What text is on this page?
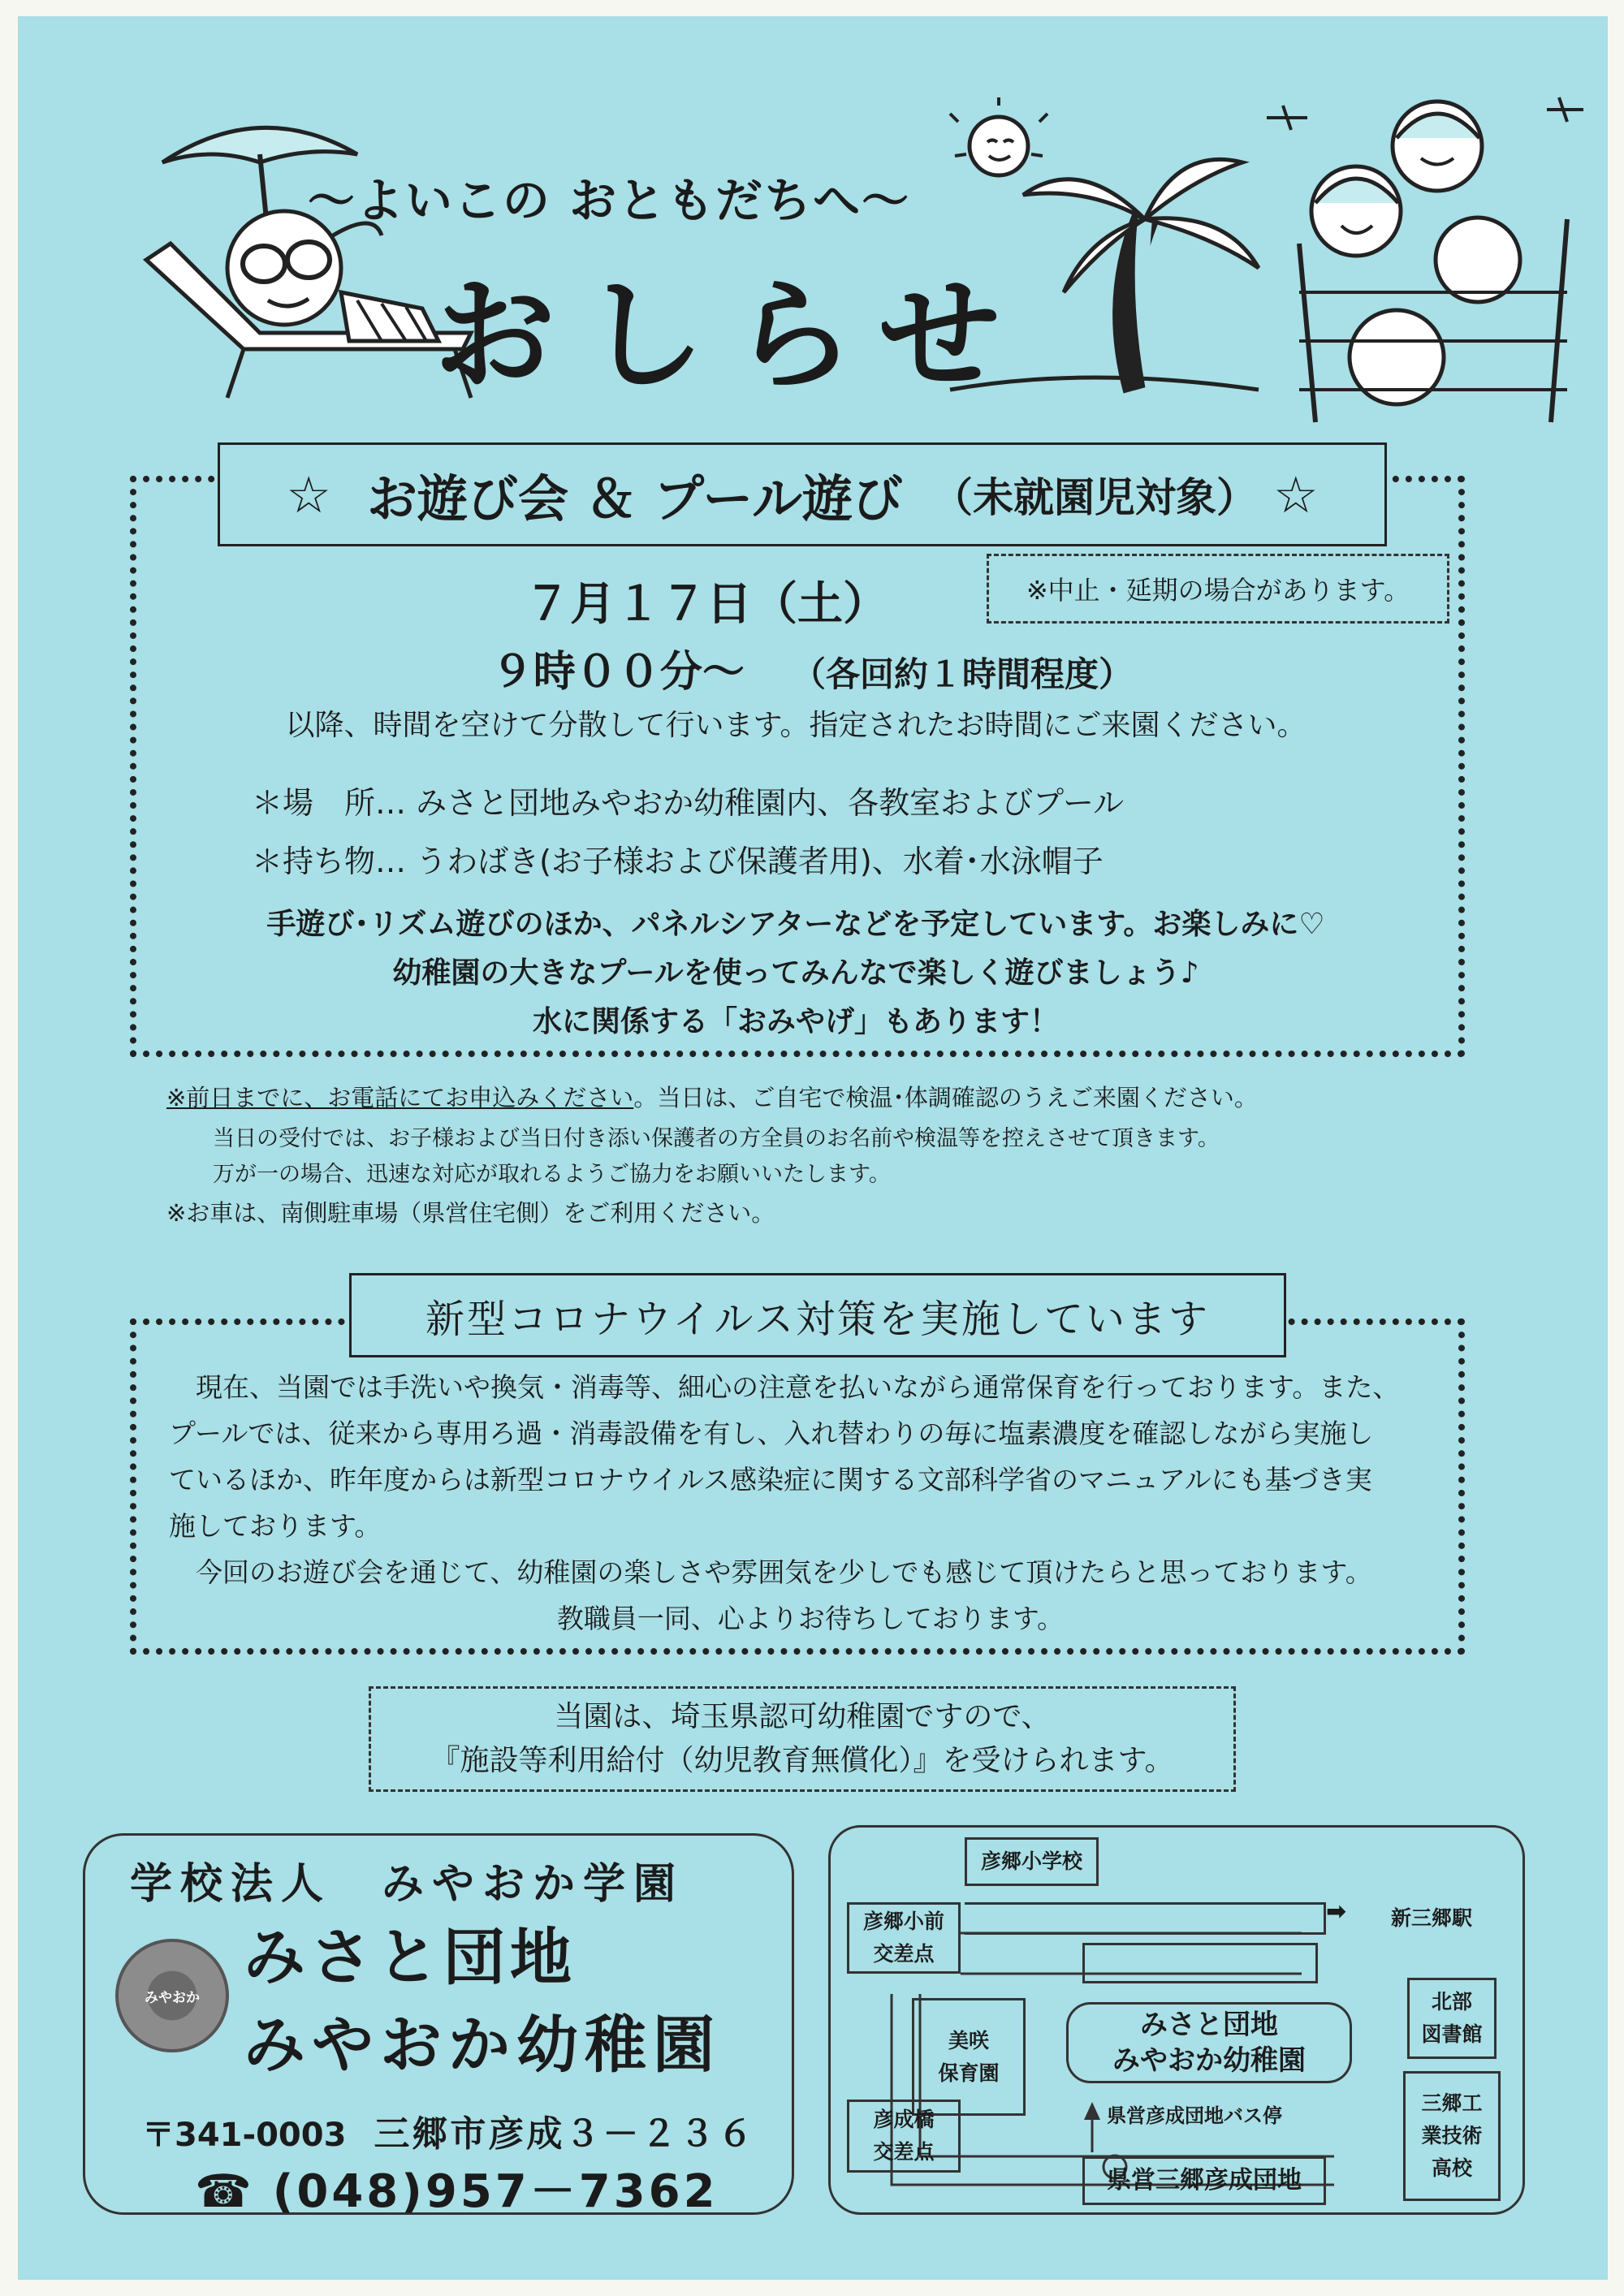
～よいこの おともだちへ～
おしらせ
☆ お遊び会 ＆ プール遊び （未就園児対象） ☆
※中止・延期の場合があります。
７月１７日（土）
９時００分～ （各回約１時間程度）
以降、時間を空けて分散して行います。指定されたお時間にご来園ください。
＊場　所… みさと団地みやおか幼稚園内、各教室およびプール
＊持ち物… うわばき(お子様および保護者用)、水着･水泳帽子
手遊び･リズム遊びのほか、パネルシアターなどを予定しています。お楽しみに♡
幼稚園の大きなプールを使ってみんなで楽しく遊びましょう♪
水に関係する「おみやげ」もあります！
※前日までに、お電話にてお申込みください。当日は、ご自宅で検温･体調確認のうえご来園ください。
当日の受付では、お子様および当日付き添い保護者の方全員のお名前や検温等を控えさせて頂きます。
万が一の場合、迅速な対応が取れるようご協力をお願いいたします。
※お車は、南側駐車場（県営住宅側）をご利用ください。
新型コロナウイルス対策を実施しています

現在、当園では手洗いや換気・消毒等、細心の注意を払いながら通常保育を行っております。また、

プールでは、従来から専用ろ過・消毒設備を有し、入れ替わりの毎に塩素濃度を確認しながら実施し

ているほか、昨年度からは新型コロナウイルス感染症に関する文部科学省のマニュアルにも基づき実

施しております。

今回のお遊び会を通じて、幼稚園の楽しさや雰囲気を少しでも感じて頂けたらと思っております。

教職員一同、心よりお待ちしております。

当園は、埼玉県認可幼稚園ですので、
『施設等利用給付（幼児教育無償化）』を受けられます。
学校法人　みやおか学園
みやおか
みさと団地
みやおか幼稚園
〒341-0003 三郷市彦成３－２３６
☎ (048)957－7362
彦郷小学校
彦郷小前
交差点
➡ 新三郷駅
美咲
保育園
みさと団地
みやおか幼稚園
北部
図書館
彦成橋
交差点
県営彦成団地バス停
県営三郷彦成団地
三郷工
業技術
高校
